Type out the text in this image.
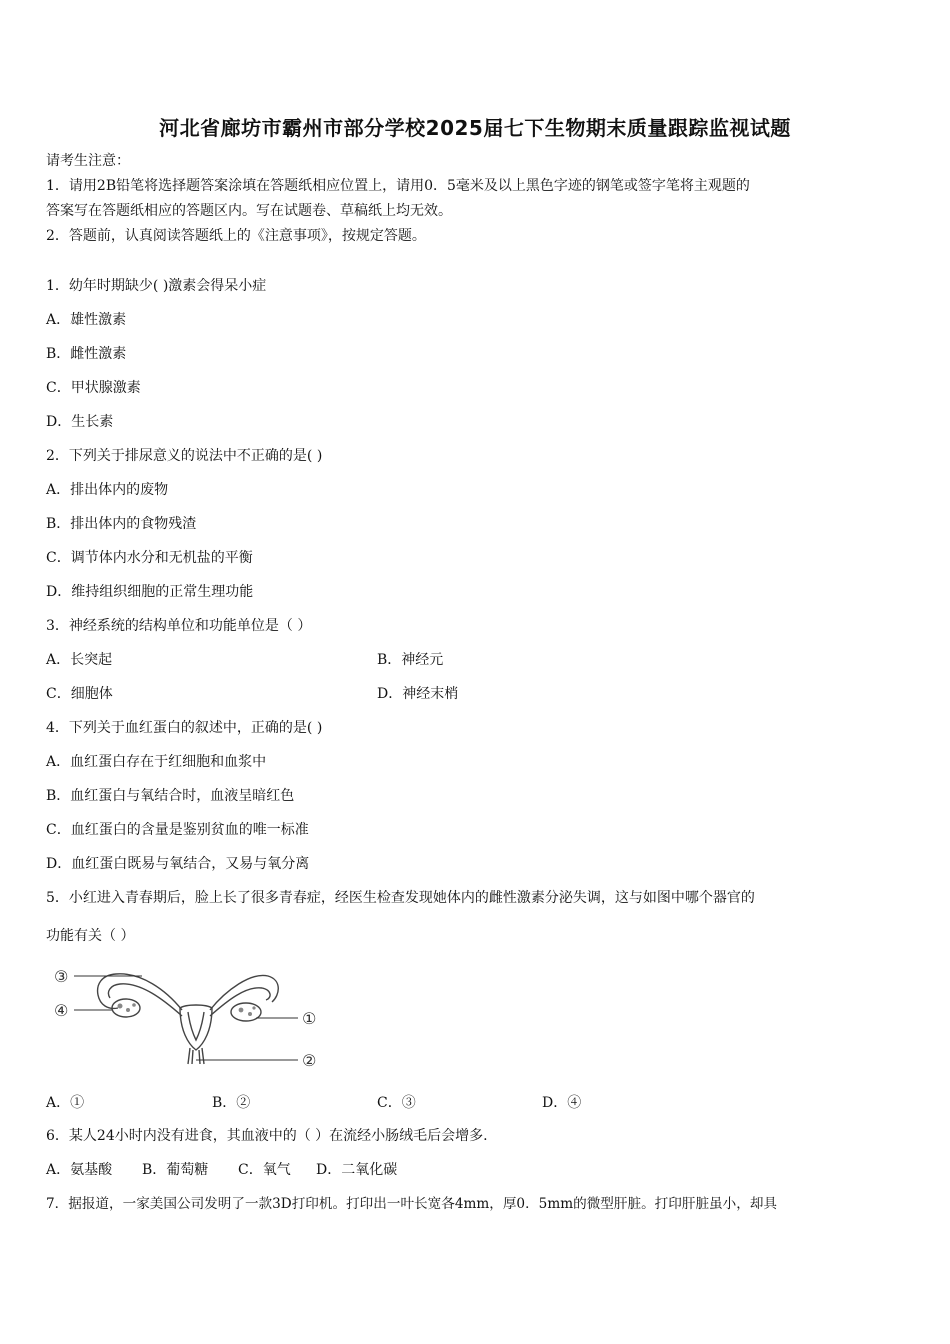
河北省廊坊市霸州市部分学校2025届七下生物期末质量跟踪监视试题
请考生注意：
1．请用2B铅笔将选择题答案涂填在答题纸相应位置上，请用0．5毫米及以上黑色字迹的钢笔或签字笔将主观题的
答案写在答题纸相应的答题区内。写在试题卷、草稿纸上均无效。
2．答题前，认真阅读答题纸上的《注意事项》，按规定答题。
1．幼年时期缺少( )激素会得呆小症
A．雄性激素
B．雌性激素
C．甲状腺激素
D．生长素
2．下列关于排尿意义的说法中不正确的是( )
A．排出体内的废物
B．排出体内的食物残渣
C．调节体内水分和无机盐的平衡
D．维持组织细胞的正常生理功能
3．神经系统的结构单位和功能单位是（ ）
A．长突起	B．神经元
C．细胞体	D．神经末梢
4．下列关于血红蛋白的叙述中，正确的是( )
A．血红蛋白存在于红细胞和血浆中
B．血红蛋白与氧结合时，血液呈暗红色
C．血红蛋白的含量是鉴别贫血的唯一标准
D．血红蛋白既易与氧结合，又易与氧分离
5．小红进入青春期后，脸上长了很多青春症，经医生检查发现她体内的雌性激素分泌失调，这与如图中哪个器官的
功能有关（ ）
③
④	①
②
A．①	B．②	C．③	D．④
6．某人24小时内没有进食，其血液中的（ ）在流经小肠绒毛后会增多.
A．氨基酸 B．葡萄糖 C．氧气 D．二氧化碳
7．据报道，一家美国公司发明了一款3D打印机。打印出一叶长宽各4mm，厚0．5mm的微型肝脏。打印肝脏虽小，却具
